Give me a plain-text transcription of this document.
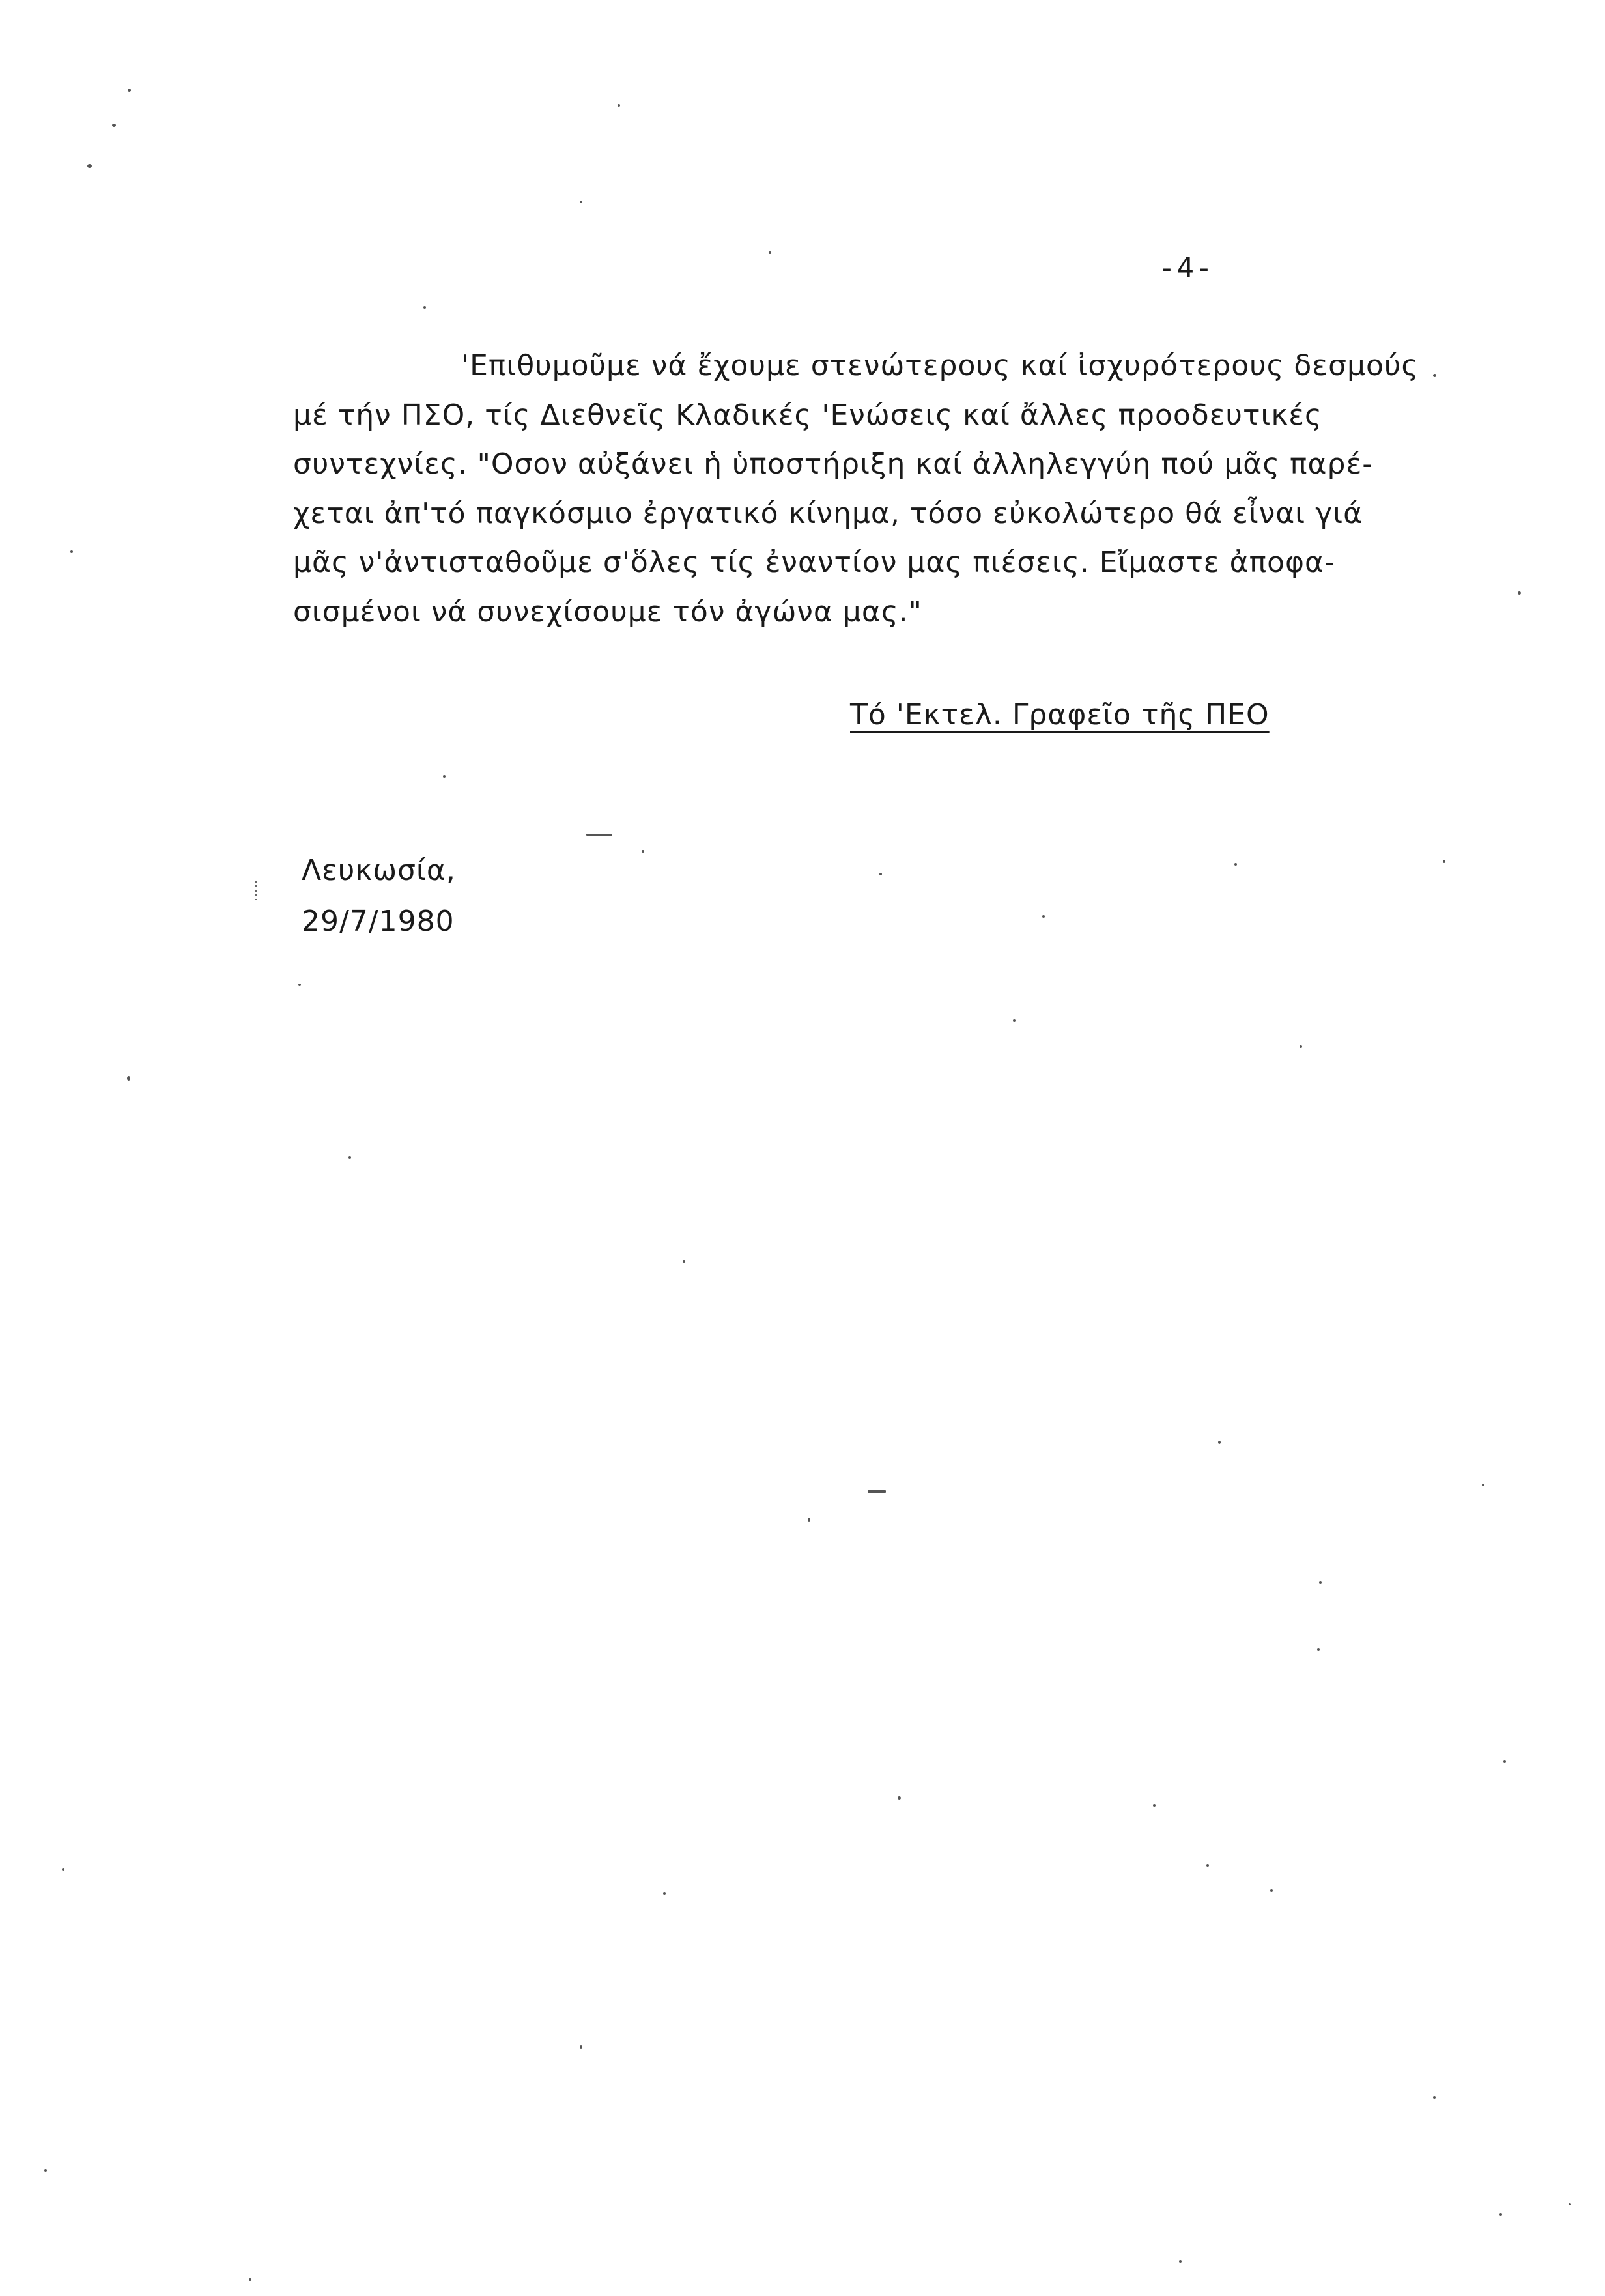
-4-
'Επιθυμοῦμε νά ἔχουμε στενώτερους καί ἰσχυρότερους δεσμούς
μέ τήν ΠΣΟ, τίς Διεθνεῖς Κλαδικές 'Ενώσεις καί ἄλλες προοδευτικές
συντεχνίες. "Οσον αὐξάνει ἡ ὑποστήριξη καί ἀλληλεγγύη πού μᾶς παρέ-
χεται ἀπ'τό παγκόσμιο ἐργατικό κίνημα, τόσο εὐκολώτερο θά εἶναι γιά
μᾶς ν'ἀντισταθοῦμε σ'ὅλες τίς ἐναντίον μας πιέσεις. Εἴμαστε ἀποφα-
σισμένοι νά συνεχίσουμε τόν ἀγώνα μας."
Τό 'Εκτελ. Γραφεῖο τῆς ΠΕΟ
Λευκωσία,
29/7/1980
